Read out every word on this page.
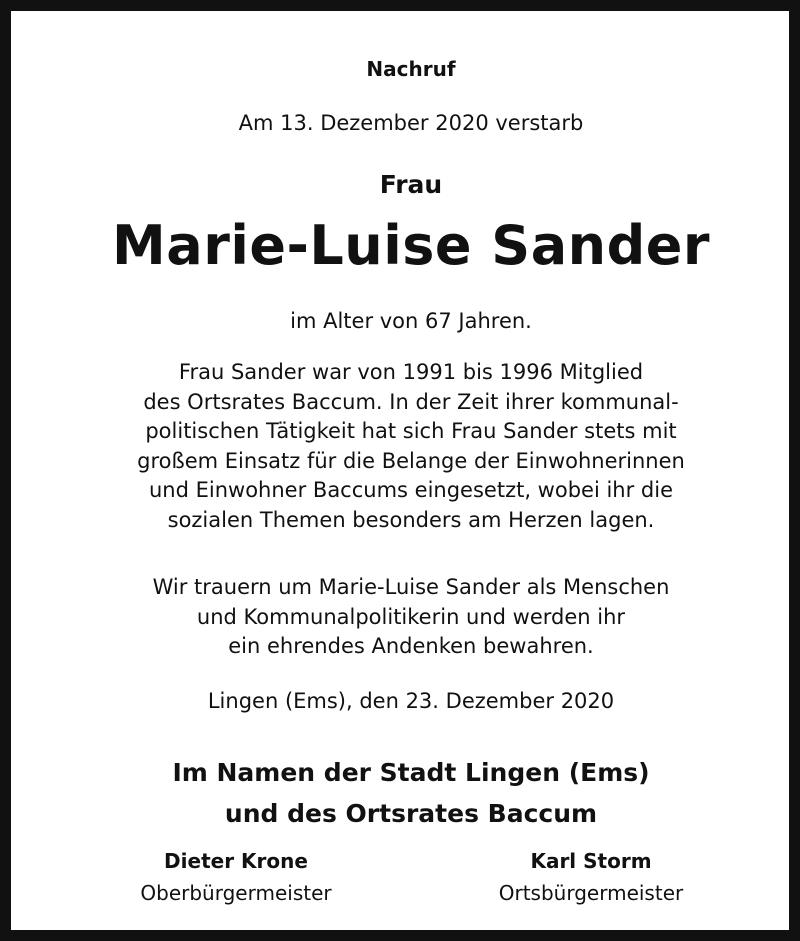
Nachruf
Am 13. Dezember 2020 verstarb
Frau
Marie-Luise Sander
im Alter von 67 Jahren.
Frau Sander war von 1991 bis 1996 Mitglied
des Ortsrates Baccum. In der Zeit ihrer kommunal-
politischen Tätigkeit hat sich Frau Sander stets mit
großem Einsatz für die Belange der Einwohnerinnen
und Einwohner Baccums eingesetzt, wobei ihr die
sozialen Themen besonders am Herzen lagen.
Wir trauern um Marie-Luise Sander als Menschen
und Kommunalpolitikerin und werden ihr
ein ehrendes Andenken bewahren.
Lingen (Ems), den 23. Dezember 2020
Im Namen der Stadt Lingen (Ems)
und des Ortsrates Baccum
Dieter Krone
Oberbürgermeister
Karl Storm
Ortsbürgermeister
